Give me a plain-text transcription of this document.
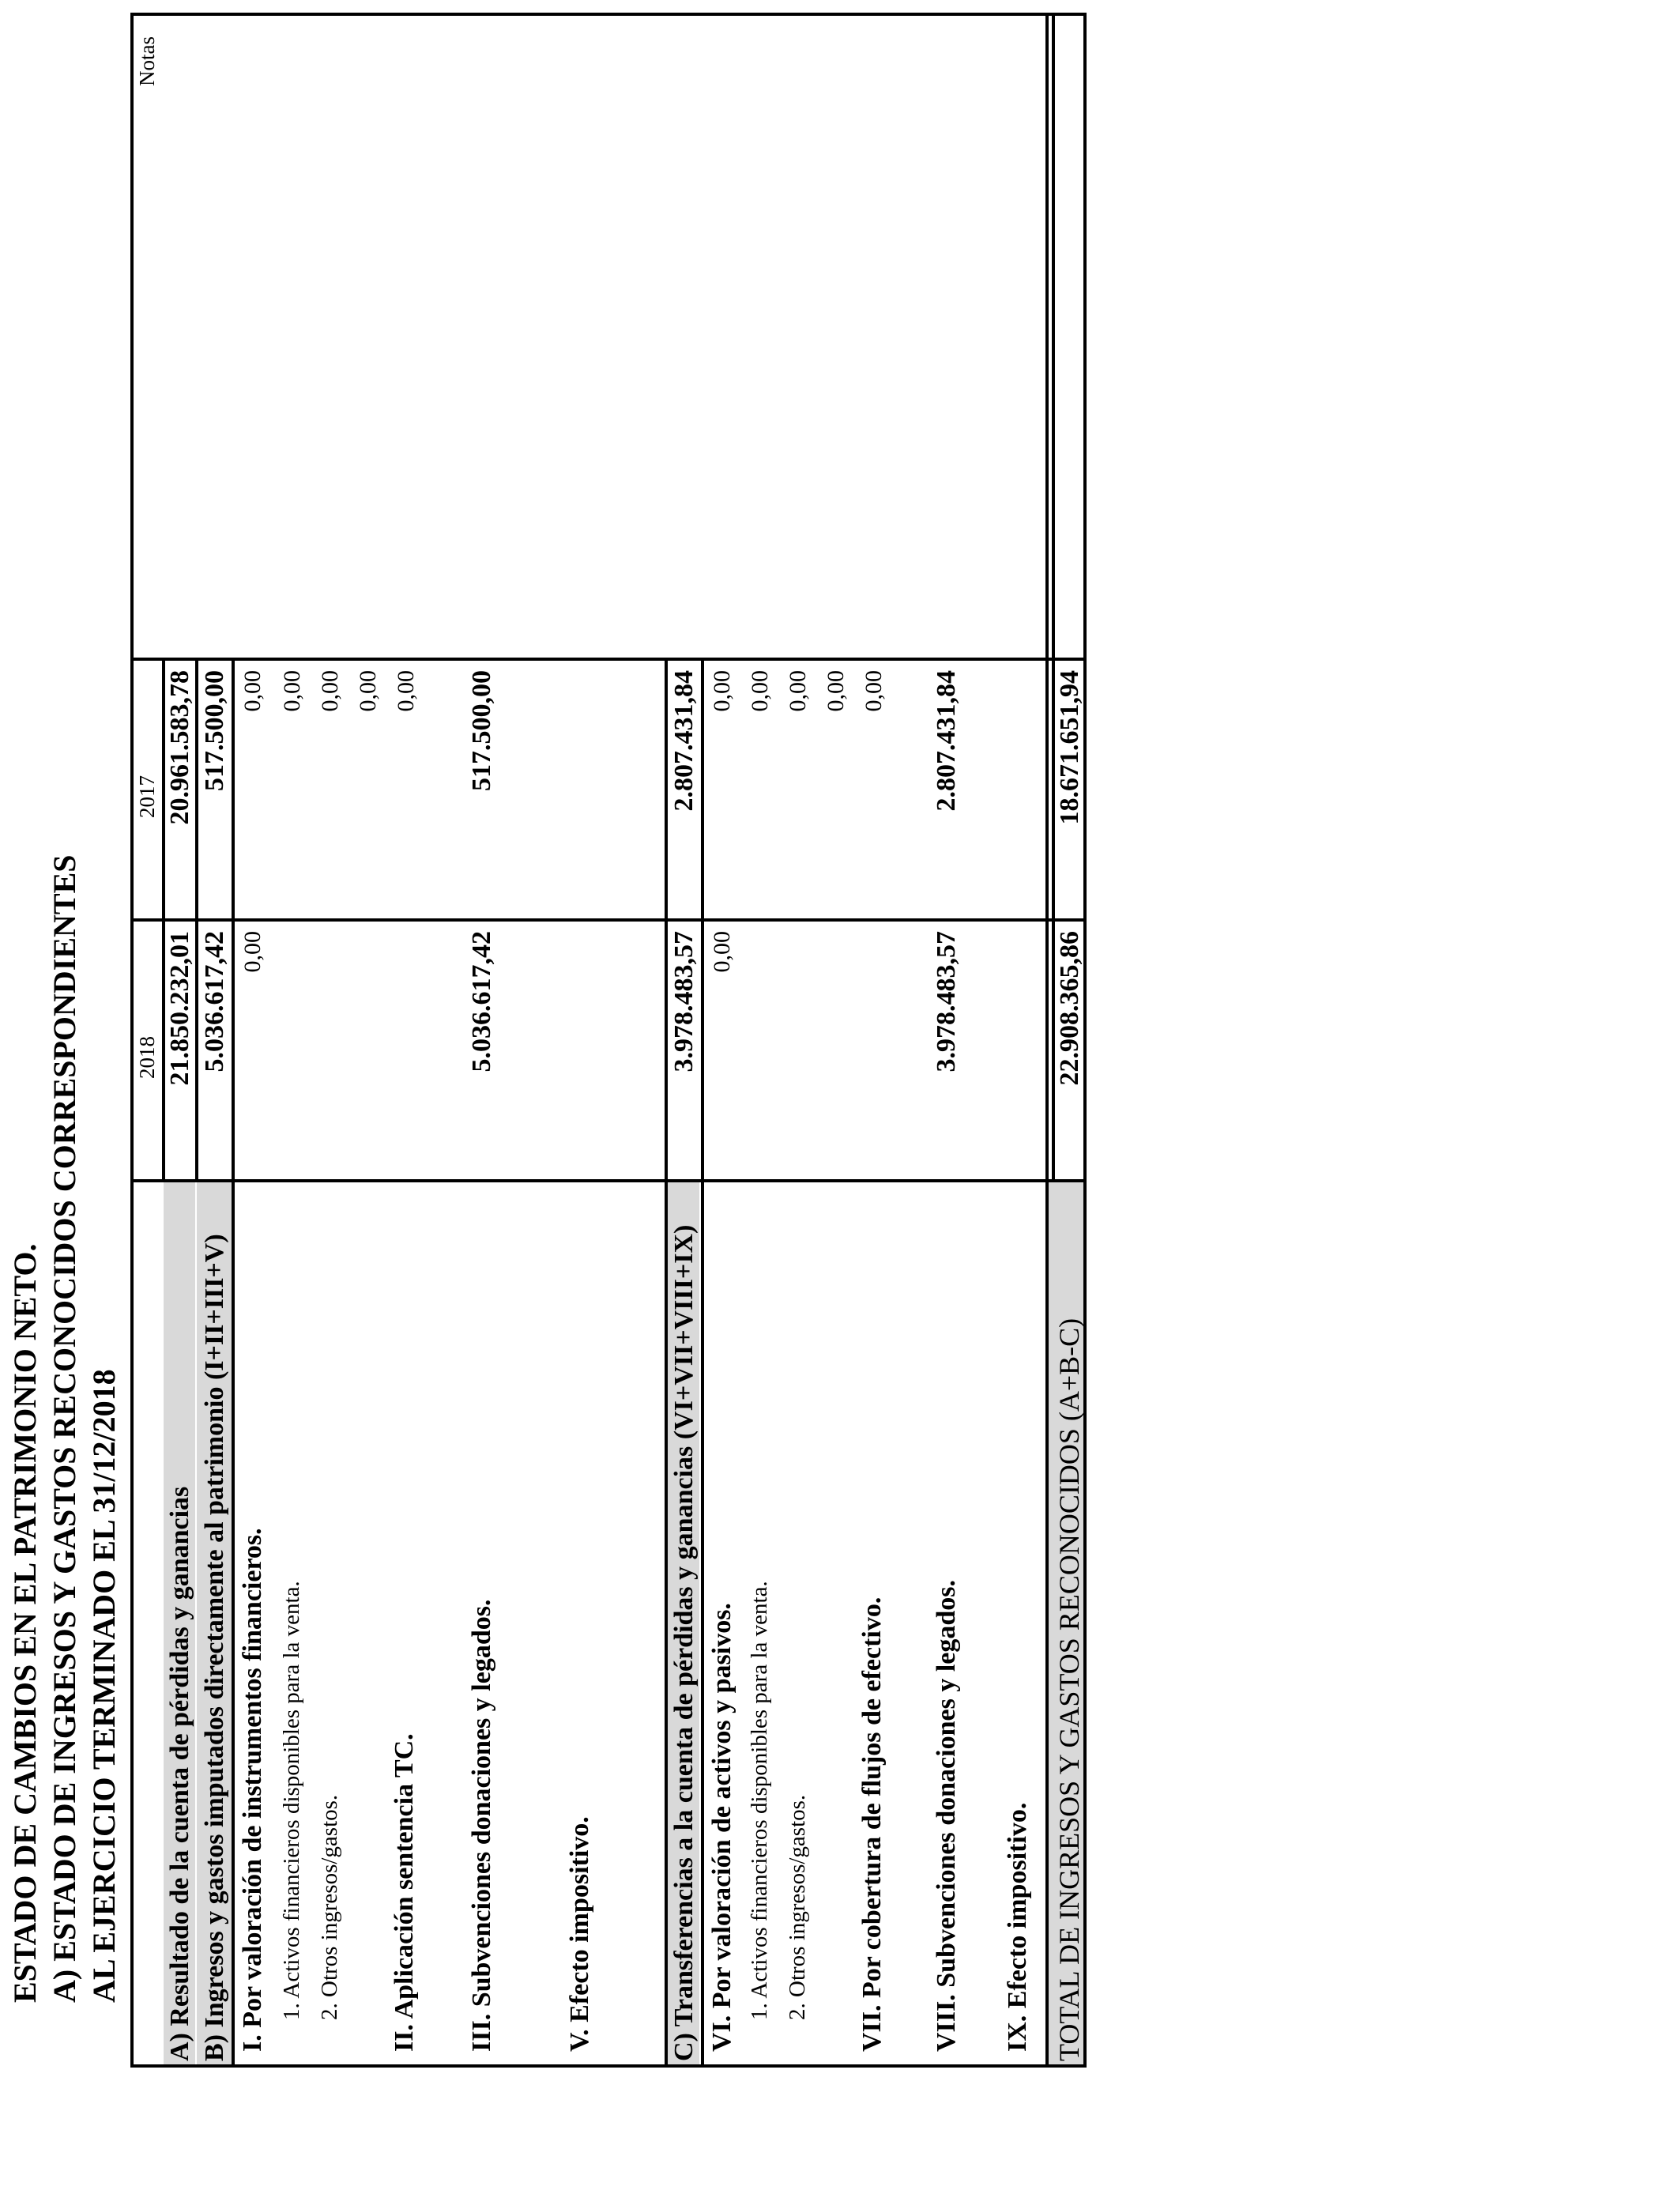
ESTADO DE CAMBIOS EN EL PATRIMONIO NETO. A) ESTADO DE INGRESOS Y GASTOS RECONOCIDOS CORRESPONDIENTES AL EJERCICIO TERMINADO EL 31/12/2018
2018
2017
Notas
A) Resultado de la cuenta de pérdidas y ganancias
21.850.232,01
20.961.583,78
B) Ingresos y gastos imputados directamente al patrimonio (I+II+III+V)
5.036.617,42
517.500,00
I. Por valoración de instrumentos financieros.
0,00
0,00
1. Activos financieros disponibles para la venta.
0,00
2. Otros ingresos/gastos.
0,00 0,00
II. Aplicación sentencia TC.
0,00
III. Subvenciones donaciones y legados.
5.036.617,42
517.500,00
V. Efecto impositivo.	C) Transferencias a la cuenta de pérdidas y ganancias (VI+VII+VIII+IX)
3.978.483,57
2.807.431,84
VI. Por valoración de activos y pasivos.
0,00
0,00
1. Activos financieros disponibles para la venta.
0,00
2. Otros ingresos/gastos.
0,00 0,00
VII. Por cobertura de flujos de efectivo.
0,00
VIII. Subvenciones donaciones y legados.
3.978.483,57
2.807.431,84
IX. Efecto impositivo. TOTAL DE INGRESOS Y GASTOS RECONOCIDOS (A+B-C)
22.908.365,86
18.671.651,94
